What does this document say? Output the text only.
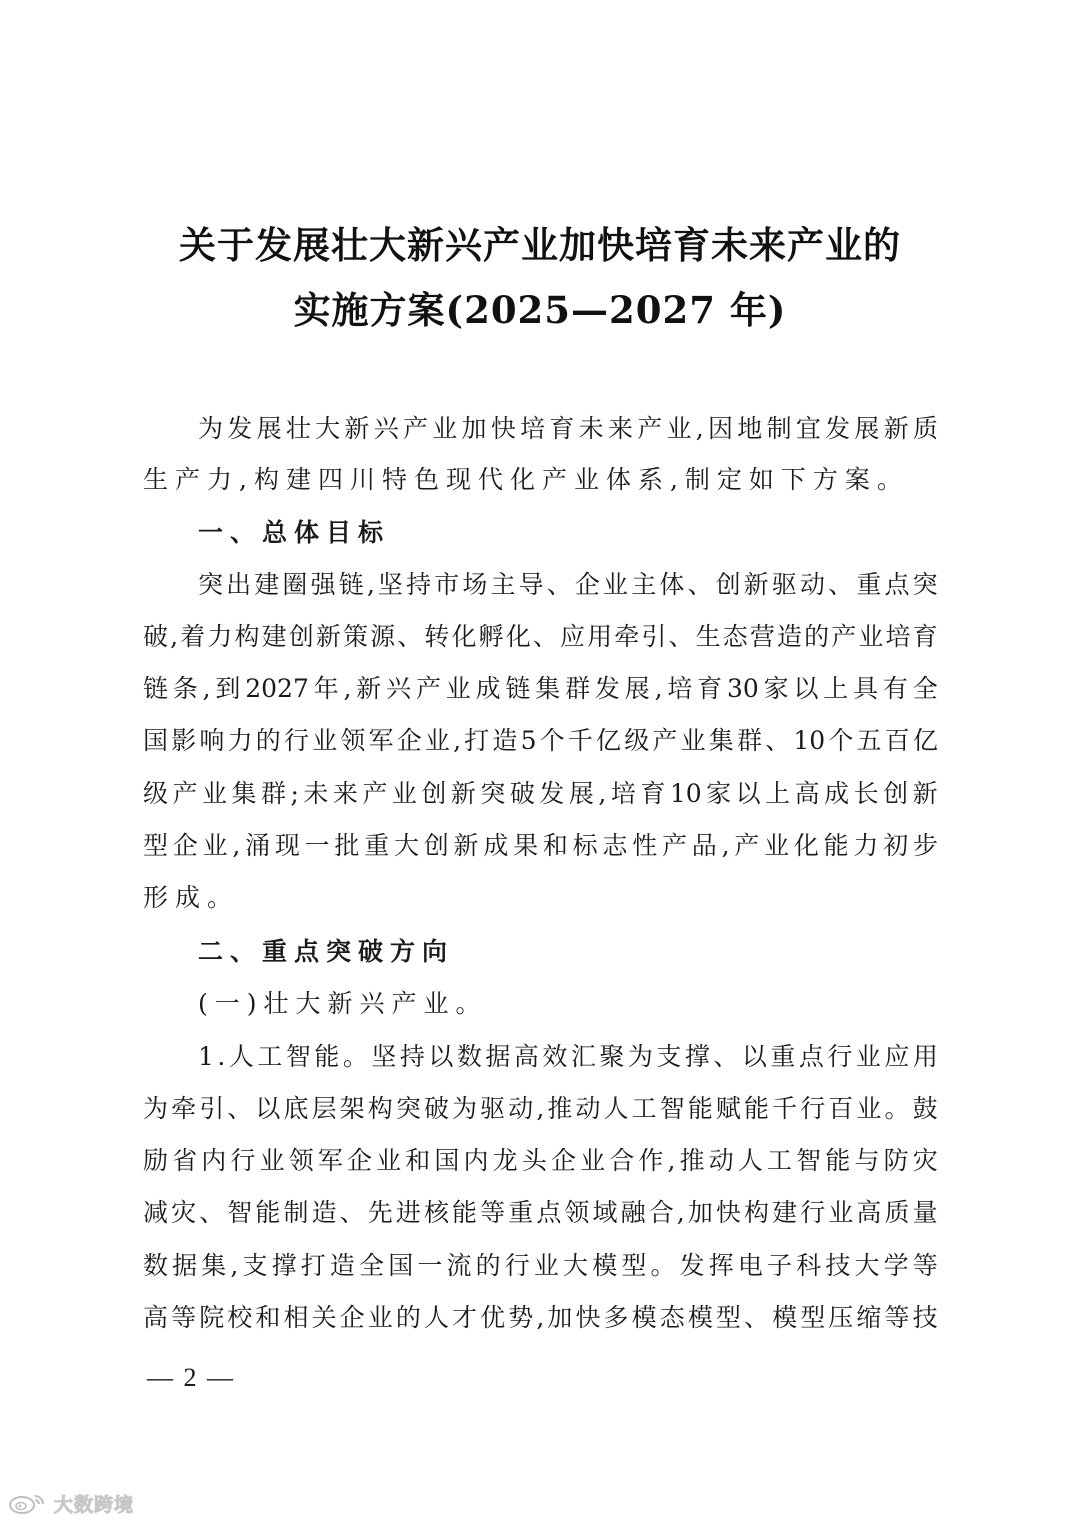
关于发展壮大新兴产业加快培育未来产业的
实施方案(2025—2027 年)
为 发 展 壮 大 新 兴 产 业 加 快 培 育 未 来 产 业 , 因 地 制 宜 发 展 新 质
生产力,构建四川特色现代化产业体系,制定如下方案。
一、总体目标
突 出 建 圈 强 链 , 坚 持 市 场 主 导 、 企 业 主 体 、 创 新 驱 动 、 重 点 突
破 , 着 力 构 建 创 新 策 源 、 转 化 孵 化 、 应 用 牵 引 、 生 态 营 造 的 产 业 培 育
链 条 , 到 2027 年 , 新 兴 产 业 成 链 集 群 发 展 , 培 育 30 家 以 上 具 有 全
国 影 响 力 的 行 业 领 军 企 业 , 打 造 5 个 千 亿 级 产 业 集 群 、 10 个 五 百 亿
级 产 业 集 群 ; 未 来 产 业 创 新 突 破 发 展 , 培 育 10 家 以 上 高 成 长 创 新
型 企 业 , 涌 现 一 批 重 大 创 新 成 果 和 标 志 性 产 品 , 产 业 化 能 力 初 步
形成。
二、重点突破方向
(一)壮大新兴产业。
1 . 人 工 智 能 。 坚 持 以 数 据 高 效 汇 聚 为 支 撑 、 以 重 点 行 业 应 用
为 牵 引 、 以 底 层 架 构 突 破 为 驱 动 , 推 动 人 工 智 能 赋 能 千 行 百 业 。 鼓
励 省 内 行 业 领 军 企 业 和 国 内 龙 头 企 业 合 作 , 推 动 人 工 智 能 与 防 灾
减 灾 、 智 能 制 造 、 先 进 核 能 等 重 点 领 域 融 合 , 加 快 构 建 行 业 高 质 量
数 据 集 , 支 撑 打 造 全 国 一 流 的 行 业 大 模 型 。 发 挥 电 子 科 技 大 学 等
高 等 院 校 和 相 关 企 业 的 人 才 优 势 , 加 快 多 模 态 模 型 、 模 型 压 缩 等 技
— 2 —
大数跨境
